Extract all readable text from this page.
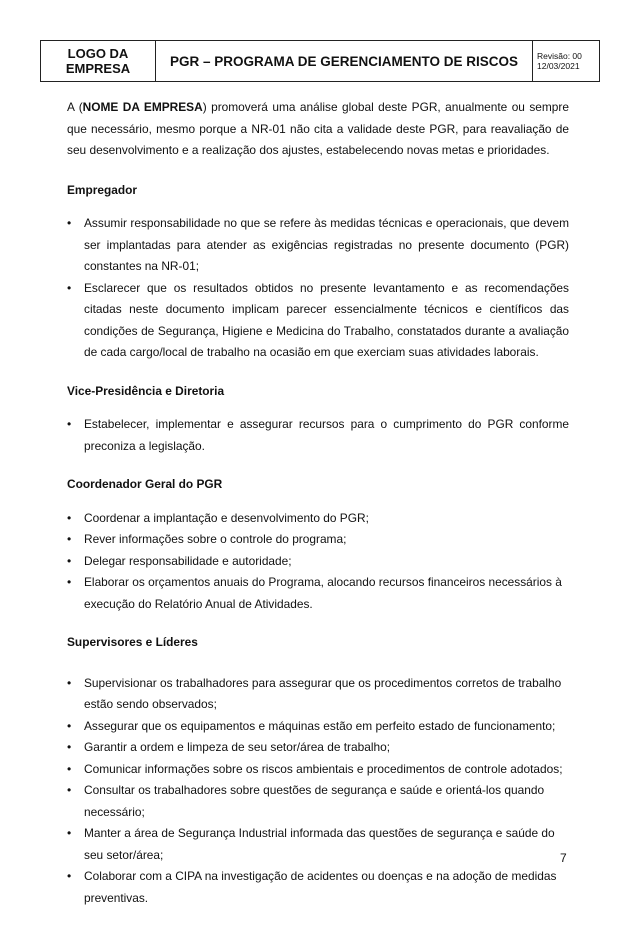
LOGO DA
EMPRESA	PGR – PROGRAMA DE GERENCIAMENTO DE RISCOS	Revisão: 00
12/03/2021

A (NOME DA EMPRESA) promoverá uma análise global deste PGR, anualmente ou sempre que necessário, mesmo porque a NR-01 não cita a validade deste PGR, para reavaliação de seu desenvolvimento e a realização dos ajustes, estabelecendo novas metas e prioridades.

Empregador

• Assumir responsabilidade no que se refere às medidas técnicas e operacionais, que devem ser implantadas para atender as exigências registradas no presente documento (PGR) constantes na NR-01;
• Esclarecer que os resultados obtidos no presente levantamento e as recomendações citadas neste documento implicam parecer essencialmente técnicos e científicos das condições de Segurança, Higiene e Medicina do Trabalho, constatados durante a avaliação de cada cargo/local de trabalho na ocasião em que exerciam suas atividades laborais.

Vice-Presidência e Diretoria

• Estabelecer, implementar e assegurar recursos para o cumprimento do PGR conforme preconiza a legislação.

Coordenador Geral do PGR

• Coordenar a implantação e desenvolvimento do PGR;
• Rever informações sobre o controle do programa;
• Delegar responsabilidade e autoridade;
• Elaborar os orçamentos anuais do Programa, alocando recursos financeiros necessários à execução do Relatório Anual de Atividades.

Supervisores e Líderes

• Supervisionar os trabalhadores para assegurar que os procedimentos corretos de trabalho estão sendo observados;
• Assegurar que os equipamentos e máquinas estão em perfeito estado de funcionamento;
• Garantir a ordem e limpeza de seu setor/área de trabalho;
• Comunicar informações sobre os riscos ambientais e procedimentos de controle adotados;
• Consultar os trabalhadores sobre questões de segurança e saúde e orientá-los quando necessário;
• Manter a área de Segurança Industrial informada das questões de segurança e saúde do seu setor/área;
• Colaborar com a CIPA na investigação de acidentes ou doenças e na adoção de medidas preventivas.
7
